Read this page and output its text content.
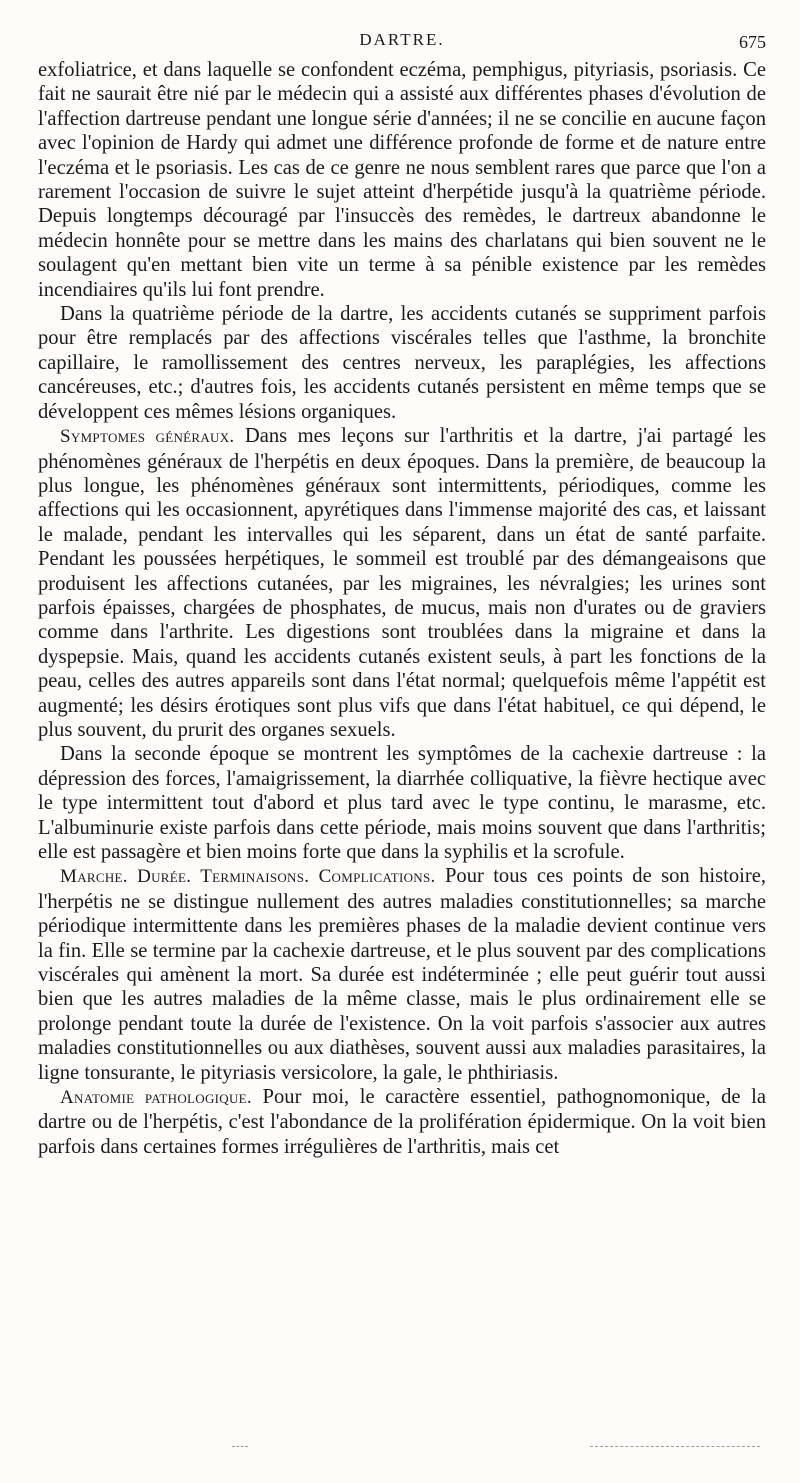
DARTRE.	675

exfoliatrice, et dans laquelle se confondent eczéma, pemphigus, pityriasis, psoriasis. Ce fait ne saurait être nié par le médecin qui a assisté aux différentes phases d'évolution de l'affection dartreuse pendant une longue série d'années; il ne se concilie en aucune façon avec l'opinion de Hardy qui admet une différence profonde de forme et de nature entre l'eczéma et le psoriasis. Les cas de ce genre ne nous semblent rares que parce que l'on a rarement l'occasion de suivre le sujet atteint d'herpétide jusqu'à la quatrième période. Depuis longtemps découragé par l'insuccès des remèdes, le dartreux abandonne le médecin honnête pour se mettre dans les mains des charlatans qui bien souvent ne le soulagent qu'en mettant bien vite un terme à sa pénible existence par les remèdes incendiaires qu'ils lui font prendre.

Dans la quatrième période de la dartre, les accidents cutanés se suppriment parfois pour être remplacés par des affections viscérales telles que l'asthme, la bronchite capillaire, le ramollissement des centres nerveux, les paraplégies, les affections cancéreuses, etc.; d'autres fois, les accidents cutanés persistent en même temps que se développent ces mêmes lésions organiques.

Symptomes généraux. Dans mes leçons sur l'arthritis et la dartre, j'ai partagé les phénomènes généraux de l'herpétis en deux époques. Dans la première, de beaucoup la plus longue, les phénomènes généraux sont intermittents, périodiques, comme les affections qui les occasionnent, apyrétiques dans l'immense majorité des cas, et laissant le malade, pendant les intervalles qui les séparent, dans un état de santé parfaite. Pendant les poussées herpétiques, le sommeil est troublé par des démangeaisons que produisent les affections cutanées, par les migraines, les névralgies; les urines sont parfois épaisses, chargées de phosphates, de mucus, mais non d'urates ou de graviers comme dans l'arthrite. Les digestions sont troublées dans la migraine et dans la dyspepsie. Mais, quand les accidents cutanés existent seuls, à part les fonctions de la peau, celles des autres appareils sont dans l'état normal; quelquefois même l'appétit est augmenté; les désirs érotiques sont plus vifs que dans l'état habituel, ce qui dépend, le plus souvent, du prurit des organes sexuels.

Dans la seconde époque se montrent les symptômes de la cachexie dartreuse : la dépression des forces, l'amaigrissement, la diarrhée colliquative, la fièvre hectique avec le type intermittent tout d'abord et plus tard avec le type continu, le marasme, etc. L'albuminurie existe parfois dans cette période, mais moins souvent que dans l'arthritis; elle est passagère et bien moins forte que dans la syphilis et la scrofule.

Marche. Durée. Terminaisons. Complications. Pour tous ces points de son histoire, l'herpétis ne se distingue nullement des autres maladies constitutionnelles; sa marche périodique intermittente dans les premières phases de la maladie devient continue vers la fin. Elle se termine par la cachexie dartreuse, et le plus souvent par des complications viscérales qui amènent la mort. Sa durée est indéterminée ; elle peut guérir tout aussi bien que les autres maladies de la même classe, mais le plus ordinairement elle se prolonge pendant toute la durée de l'existence. On la voit parfois s'associer aux autres maladies constitutionnelles ou aux diathèses, souvent aussi aux maladies parasitaires, la ligne tonsurante, le pityriasis versicolore, la gale, le phthiriasis.

Anatomie pathologique. Pour moi, le caractère essentiel, pathognomonique, de la dartre ou de l'herpétis, c'est l'abondance de la prolifération épidermique. On la voit bien parfois dans certaines formes irrégulières de l'arthritis, mais cet
